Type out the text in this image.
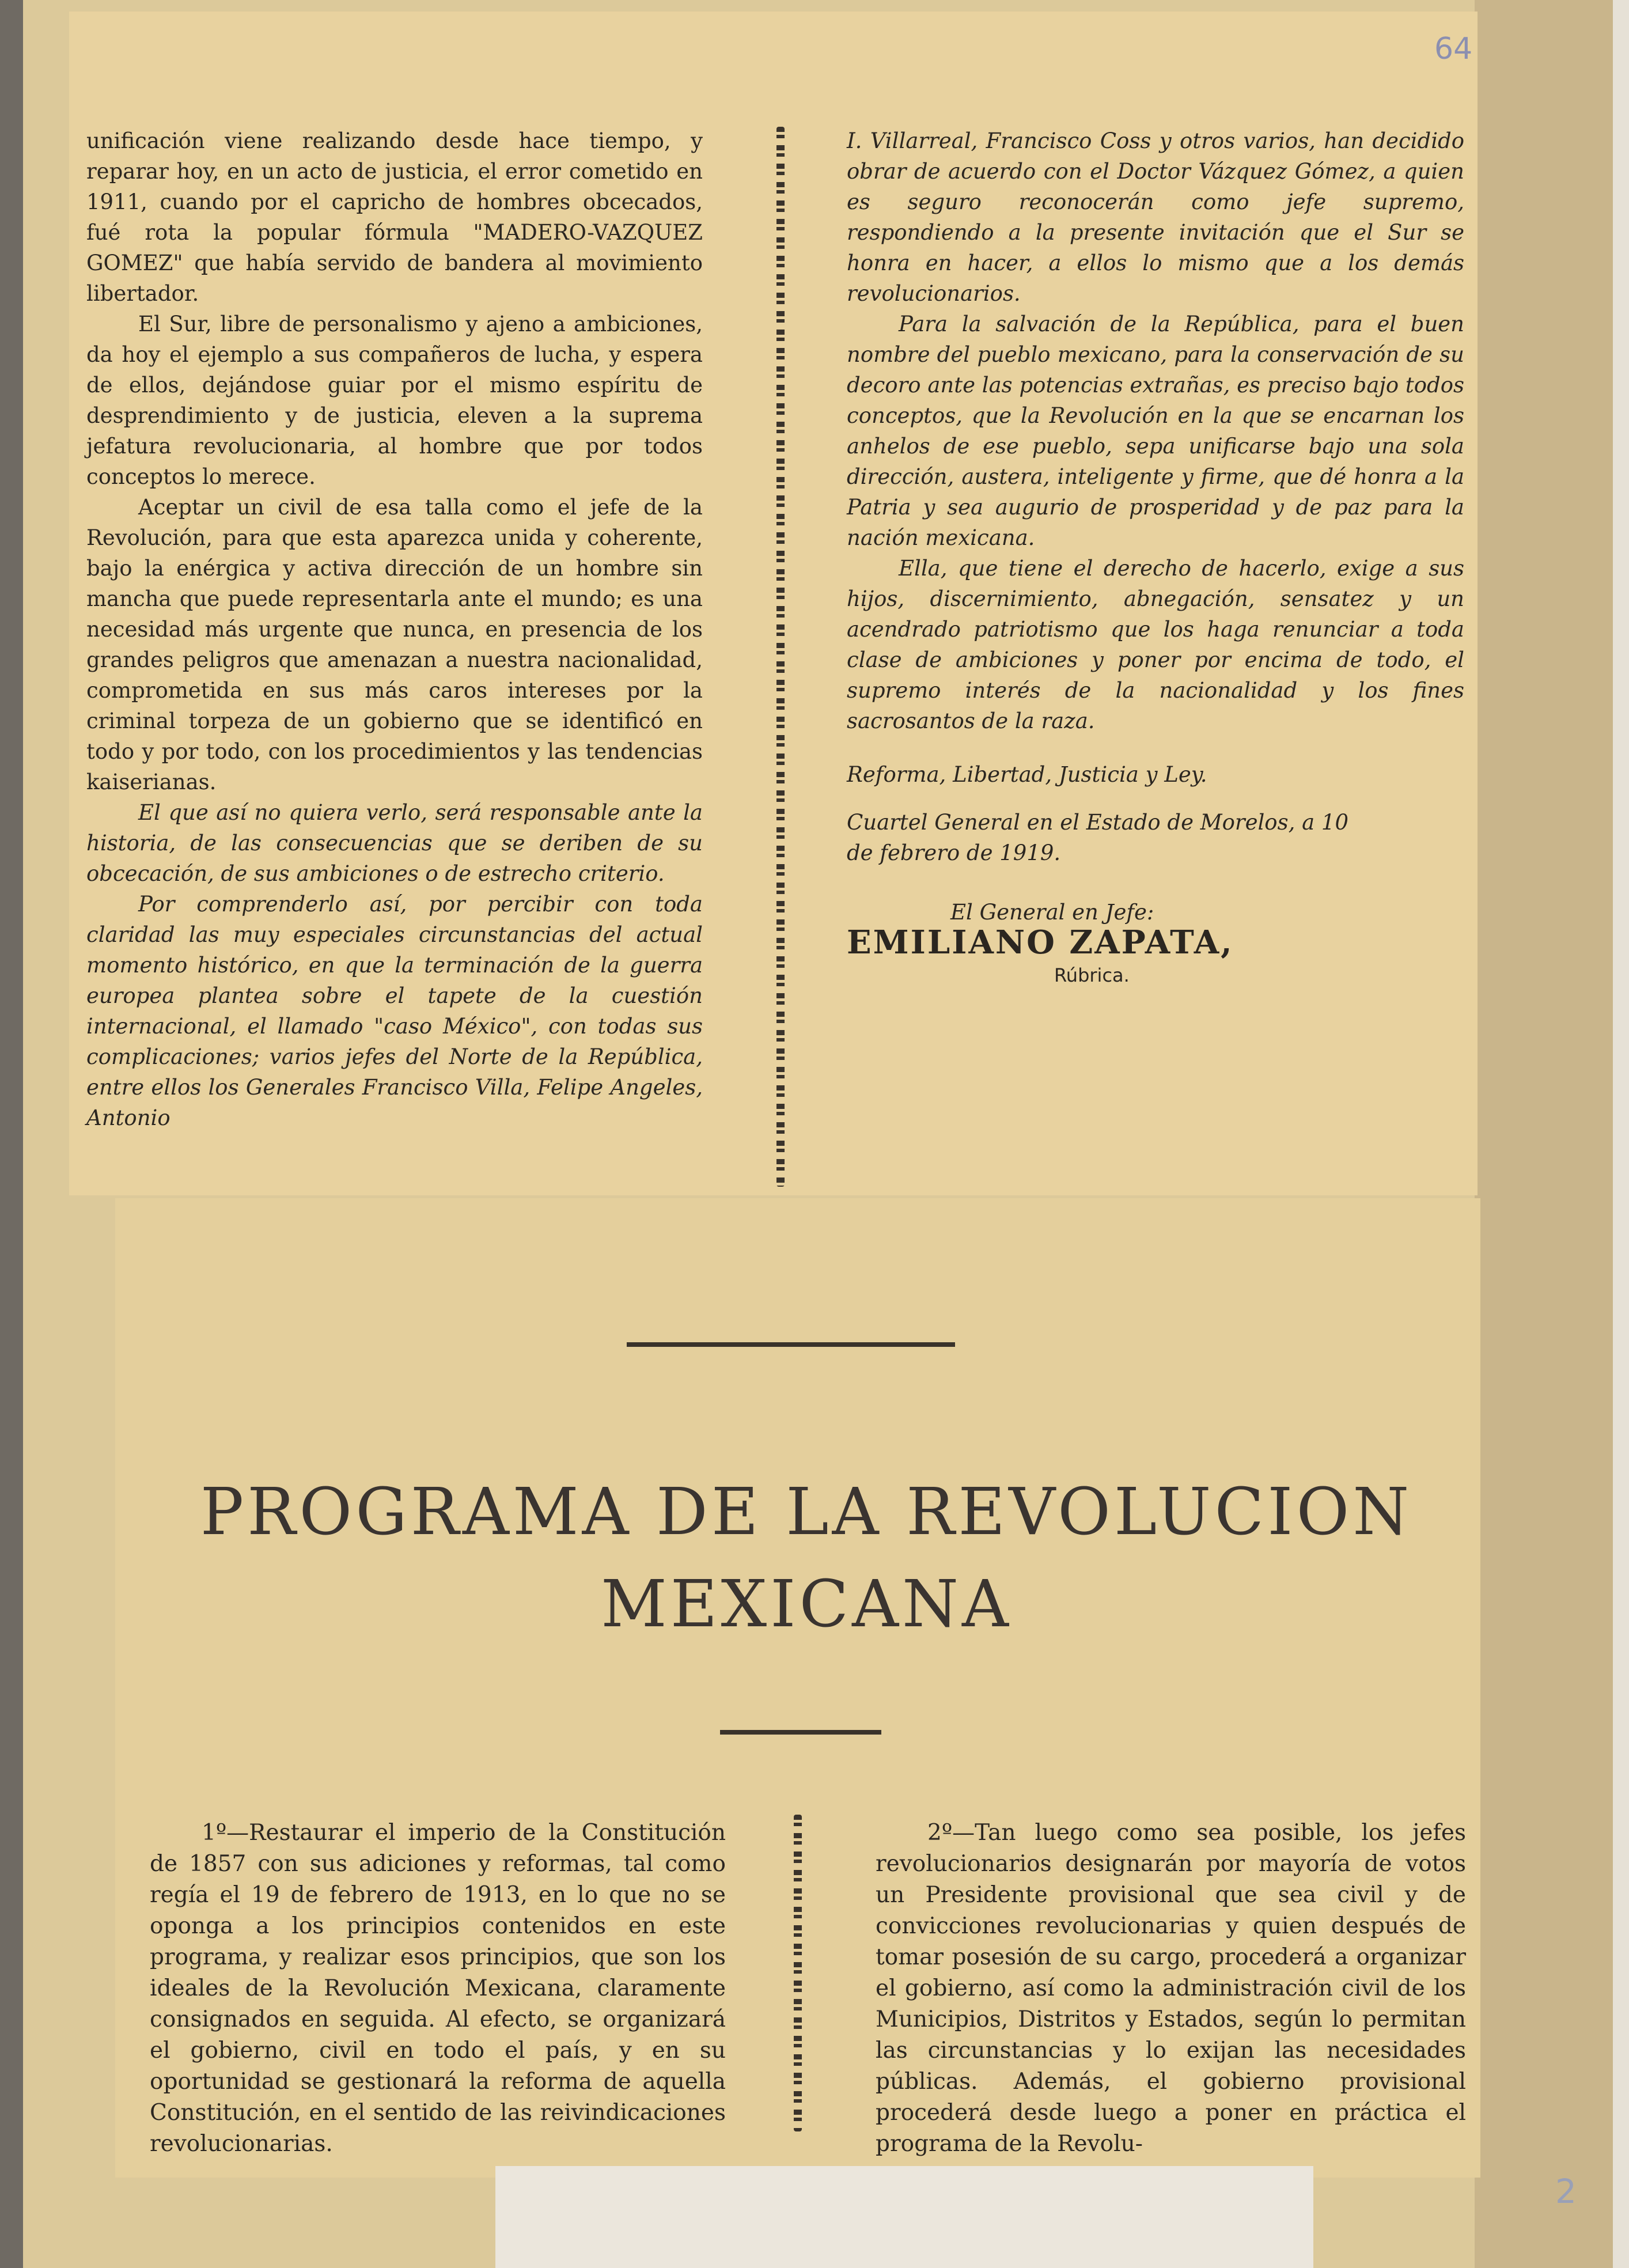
64
2

unificación viene realizando desde hace tiempo, y reparar hoy, en un acto de justicia, el error cometido en 1911, cuando por el capricho de hombres obcecados, fué rota la popular fórmula "MADERO-VAZQUEZ GOMEZ" que había servido de bandera al movimiento libertador.

El Sur, libre de personalismo y ajeno a ambiciones, da hoy el ejemplo a sus compañeros de lucha, y espera de ellos, dejándose guiar por el mismo espíritu de desprendimiento y de justicia, eleven a la suprema jefatura revolucionaria, al hombre que por todos conceptos lo merece.

Aceptar un civil de esa talla como el jefe de la Revolución, para que esta aparezca unida y coherente, bajo la enérgica y activa dirección de un hombre sin mancha que puede representarla ante el mundo; es una necesidad más urgente que nunca, en presencia de los grandes peligros que amenazan a nuestra nacionalidad, comprometida en sus más caros intereses por la criminal torpeza de un gobierno que se identificó en todo y por todo, con los procedimientos y las tendencias kaiserianas.

El que así no quiera verlo, será responsable ante la historia, de las consecuencias que se deriben de su obcecación, de sus ambiciones o de estrecho criterio.

Por comprenderlo así, por percibir con toda claridad las muy especiales circunstancias del actual momento histórico, en que la terminación de la guerra europea plantea sobre el tapete de la cuestión internacional, el llamado "caso México", con todas sus complicaciones; varios jefes del Norte de la República, entre ellos los Generales Francisco Villa, Felipe Angeles, Antonio

I. Villarreal, Francisco Coss y otros varios, han decidido obrar de acuerdo con el Doctor Vázquez Gómez, a quien es seguro reconocerán como jefe supremo, respondiendo a la presente invitación que el Sur se honra en hacer, a ellos lo mismo que a los demás revolucionarios.

Para la salvación de la República, para el buen nombre del pueblo mexicano, para la conservación de su decoro ante las potencias extrañas, es preciso bajo todos conceptos, que la Revolución en la que se encarnan los anhelos de ese pueblo, sepa unificarse bajo una sola dirección, austera, inteligente y firme, que dé honra a la Patria y sea augurio de prosperidad y de paz para la nación mexicana.

Ella, que tiene el derecho de hacerlo, exige a sus hijos, discernimiento, abnegación, sensatez y un acendrado patriotismo que los haga renunciar a toda clase de ambiciones y poner por encima de todo, el supremo interés de la nacionalidad y los fines sacrosantos de la raza.

Reforma, Libertad, Justicia y Ley.

Cuartel General en el Estado de Morelos, a 10

de febrero de 1919.

El General en Jefe:

EMILIANO ZAPATA,

Rúbrica.

PROGRAMA DE LA REVOLUCION
MEXICANA

1º—Restaurar el imperio de la Constitución de 1857 con sus adiciones y reformas, tal como regía el 19 de febrero de 1913, en lo que no se oponga a los principios contenidos en este programa, y realizar esos principios, que son los ideales de la Revolución Mexicana, claramente consignados en seguida. Al efecto, se organizará el gobierno, civil en todo el país, y en su oportunidad se gestionará la reforma de aquella Constitución, en el sentido de las reivindicaciones revolucionarias.

2º—Tan luego como sea posible, los jefes revolucionarios designarán por mayoría de votos un Presidente provisional que sea civil y de convicciones revolucionarias y quien después de tomar posesión de su cargo, procederá a organizar el gobierno, así como la administración civil de los Municipios, Distritos y Estados, según lo permitan las circunstancias y lo exijan las necesidades públicas. Además, el gobierno provisional procederá desde luego a poner en práctica el programa de la Revolu-
